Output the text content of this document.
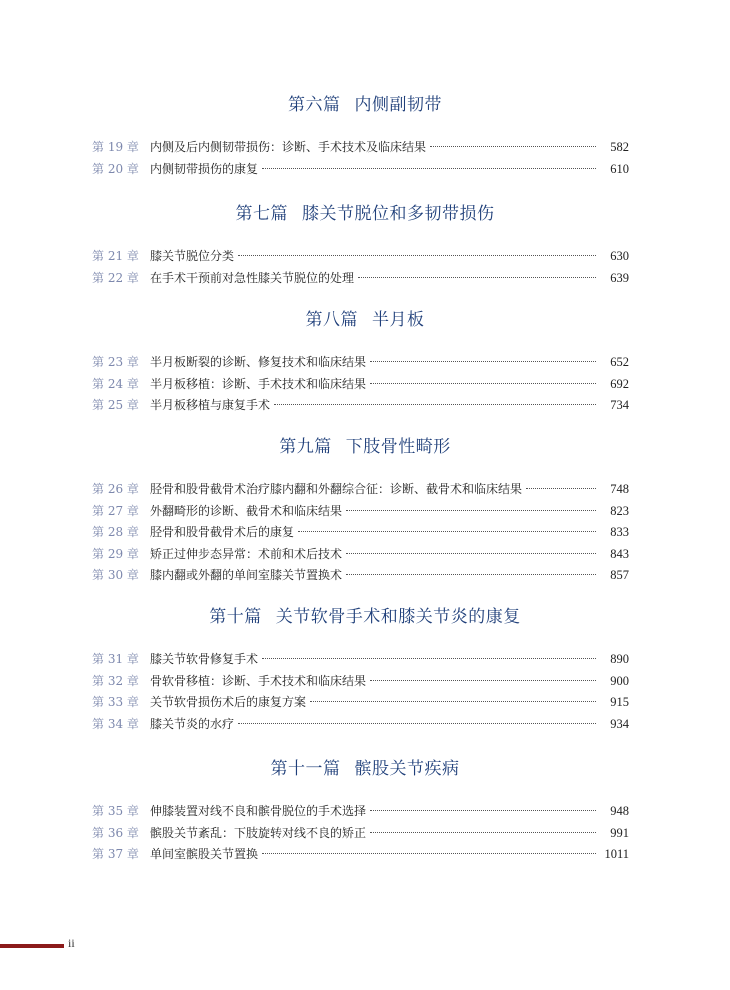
第六篇 内侧副韧带
第 19 章 内侧及后内侧韧带损伤：诊断、手术技术及临床结果	582
第 20 章 内侧韧带损伤的康复	610
第七篇 膝关节脱位和多韧带损伤
第 21 章 膝关节脱位分类	630
第 22 章 在手术干预前对急性膝关节脱位的处理	639
第八篇 半月板
第 23 章 半月板断裂的诊断、修复技术和临床结果	652
第 24 章 半月板移植：诊断、手术技术和临床结果	692
第 25 章 半月板移植与康复手术	734
第九篇 下肢骨性畸形
第 26 章 胫骨和股骨截骨术治疗膝内翻和外翻综合征：诊断、截骨术和临床结果	748
第 27 章 外翻畸形的诊断、截骨术和临床结果	823
第 28 章 胫骨和股骨截骨术后的康复	833
第 29 章 矫正过伸步态异常：术前和术后技术	843
第 30 章 膝内翻或外翻的单间室膝关节置换术	857
第十篇 关节软骨手术和膝关节炎的康复
第 31 章 膝关节软骨修复手术	890
第 32 章 骨软骨移植：诊断、手术技术和临床结果	900
第 33 章 关节软骨损伤术后的康复方案	915
第 34 章 膝关节炎的水疗	934
第十一篇 髌股关节疾病
第 35 章 伸膝装置对线不良和髌骨脱位的手术选择	948
第 36 章 髌股关节紊乱：下肢旋转对线不良的矫正	991
第 37 章 单间室髌股关节置换	1011
ii
